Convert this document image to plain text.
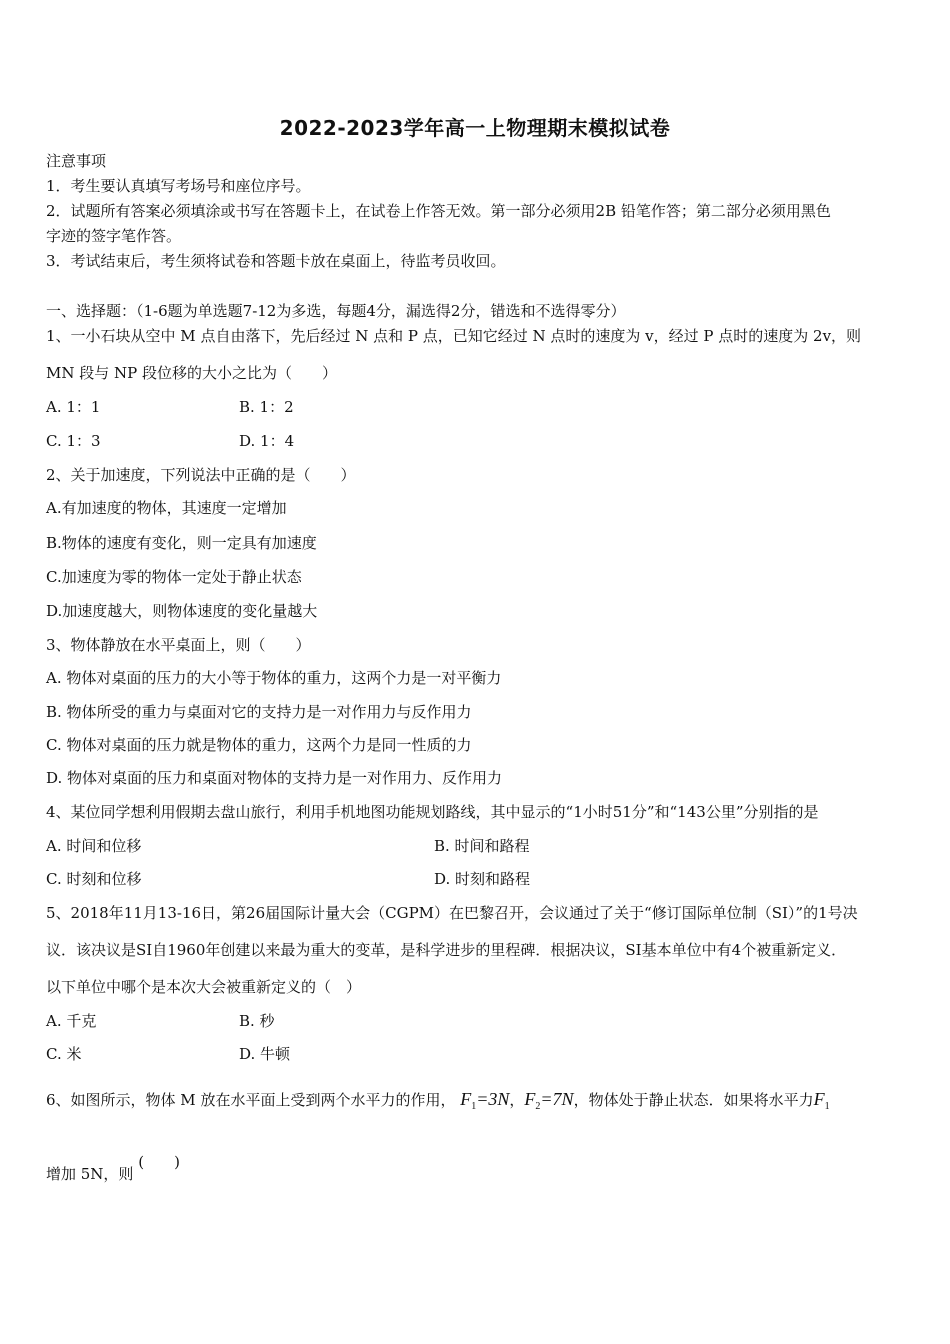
2022-2023学年高一上物理期末模拟试卷
注意事项
1．考生要认真填写考场号和座位序号。
2．试题所有答案必须填涂或书写在答题卡上，在试卷上作答无效。第一部分必须用2B 铅笔作答；第二部分必须用黑色
字迹的签字笔作答。
3．考试结束后，考生须将试卷和答题卡放在桌面上，待监考员收回。
一、选择题：（1-6题为单选题7-12为多选，每题4分，漏选得2分，错选和不选得零分）
1、一小石块从空中 M 点自由落下，先后经过 N 点和 P 点，已知它经过 N 点时的速度为 v，经过 P 点时的速度为 2v，则
MN 段与 NP 段位移的大小之比为（　　）
A. 1：1	B. 1：2
C. 1：3	D. 1：4
2、关于加速度，下列说法中正确的是（　　）
A.有加速度的物体，其速度一定增加
B.物体的速度有变化，则一定具有加速度
C.加速度为零的物体一定处于静止状态
D.加速度越大，则物体速度的变化量越大
3、物体静放在水平桌面上，则（　　）
A. 物体对桌面的压力的大小等于物体的重力，这两个力是一对平衡力
B. 物体所受的重力与桌面对它的支持力是一对作用力与反作用力
C. 物体对桌面的压力就是物体的重力，这两个力是同一性质的力
D. 物体对桌面的压力和桌面对物体的支持力是一对作用力、反作用力
4、某位同学想利用假期去盘山旅行，利用手机地图功能规划路线，其中显示的“1小时51分”和“143公里”分别指的是
A. 时间和位移	B. 时间和路程
C. 时刻和位移	D. 时刻和路程
5、2018年11月13-16日，第26届国际计量大会（CGPM）在巴黎召开，会议通过了关于“修订国际单位制（SI）”的1号决
议．该决议是SI自1960年创建以来最为重大的变革，是科学进步的里程碑．根据决议，SI基本单位中有4个被重新定义．
以下单位中哪个是本次大会被重新定义的（　）
A. 千克	B. 秒
C. 米	D. 牛顿
6、如图所示，物体 M 放在水平面上受到两个水平力的作用， $F_1=3N$，$F_2=7N$，物体处于静止状态．如果将水平力$F_1$
增加 5N，则 (　　)
